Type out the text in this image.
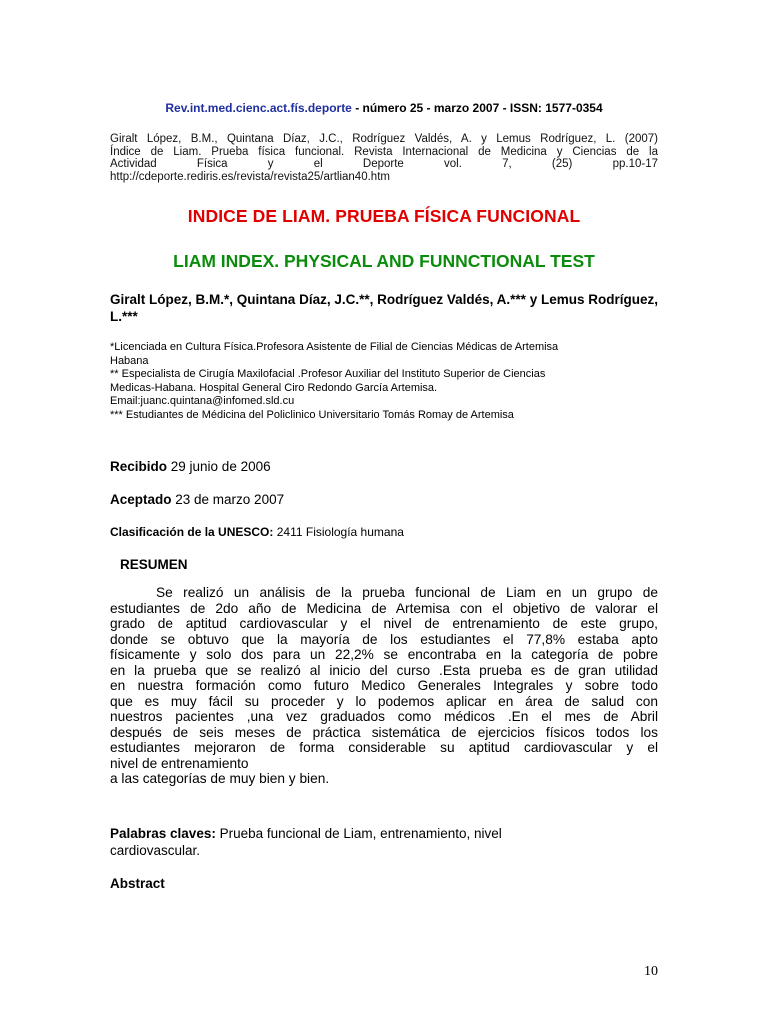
Rev.int.med.cienc.act.fís.deporte - número 25 - marzo 2007 - ISSN: 1577-0354
Giralt López, B.M., Quintana Díaz, J.C., Rodríguez Valdés, A. y Lemus Rodríguez, L. (2007)
Índice de Liam. Prueba física funcional. Revista Internacional de Medicina y Ciencias de la
Actividad Física y el Deporte vol. 7, (25) pp.10-17
http://cdeporte.rediris.es/revista/revista25/artlian40.htm
INDICE DE LIAM. PRUEBA FÍSICA FUNCIONAL
LIAM INDEX. PHYSICAL AND FUNNCTIONAL TEST
Giralt López, B.M.*, Quintana Díaz, J.C.**, Rodríguez Valdés, A.*** y Lemus Rodríguez, L.***
*Licenciada en Cultura Física.Profesora Asistente de Filial de Ciencias Médicas de Artemisa
Habana
** Especialista de Cirugía Maxilofacial .Profesor Auxiliar del Instituto Superior de Ciencias
Medicas-Habana. Hospital General Ciro Redondo García Artemisa.
Email:juanc.quintana@infomed.sld.cu
*** Estudiantes de Médicina del Policlinico Universitario Tomás Romay de Artemisa
Recibido 29 junio de 2006
Aceptado 23 de marzo 2007
Clasificación de la UNESCO: 2411 Fisiología humana
RESUMEN
Se realizó un análisis de la prueba funcional de Liam en un grupo de
estudiantes de 2do año de Medicina de Artemisa con el objetivo de valorar el
grado de aptitud cardiovascular y el nivel de entrenamiento de este grupo,
donde se obtuvo que la mayoría de los estudiantes el 77,8% estaba apto
físicamente y solo dos para un 22,2% se encontraba en la categoría de pobre
en la prueba que se realizó al inicio del curso .Esta prueba es de gran utilidad
en nuestra formación como futuro Medico Generales Integrales y sobre todo
que es muy fácil su proceder y lo podemos aplicar en área de salud con
nuestros pacientes ,una vez graduados como médicos .En el mes de Abril
después de seis meses de práctica sistemática de ejercicios físicos todos los
estudiantes mejoraron de forma considerable su aptitud cardiovascular y el
nivel de entrenamiento
a las categorías de muy bien y bien.
Palabras claves: Prueba funcional de Liam, entrenamiento, nivel cardiovascular.
Abstract
10
